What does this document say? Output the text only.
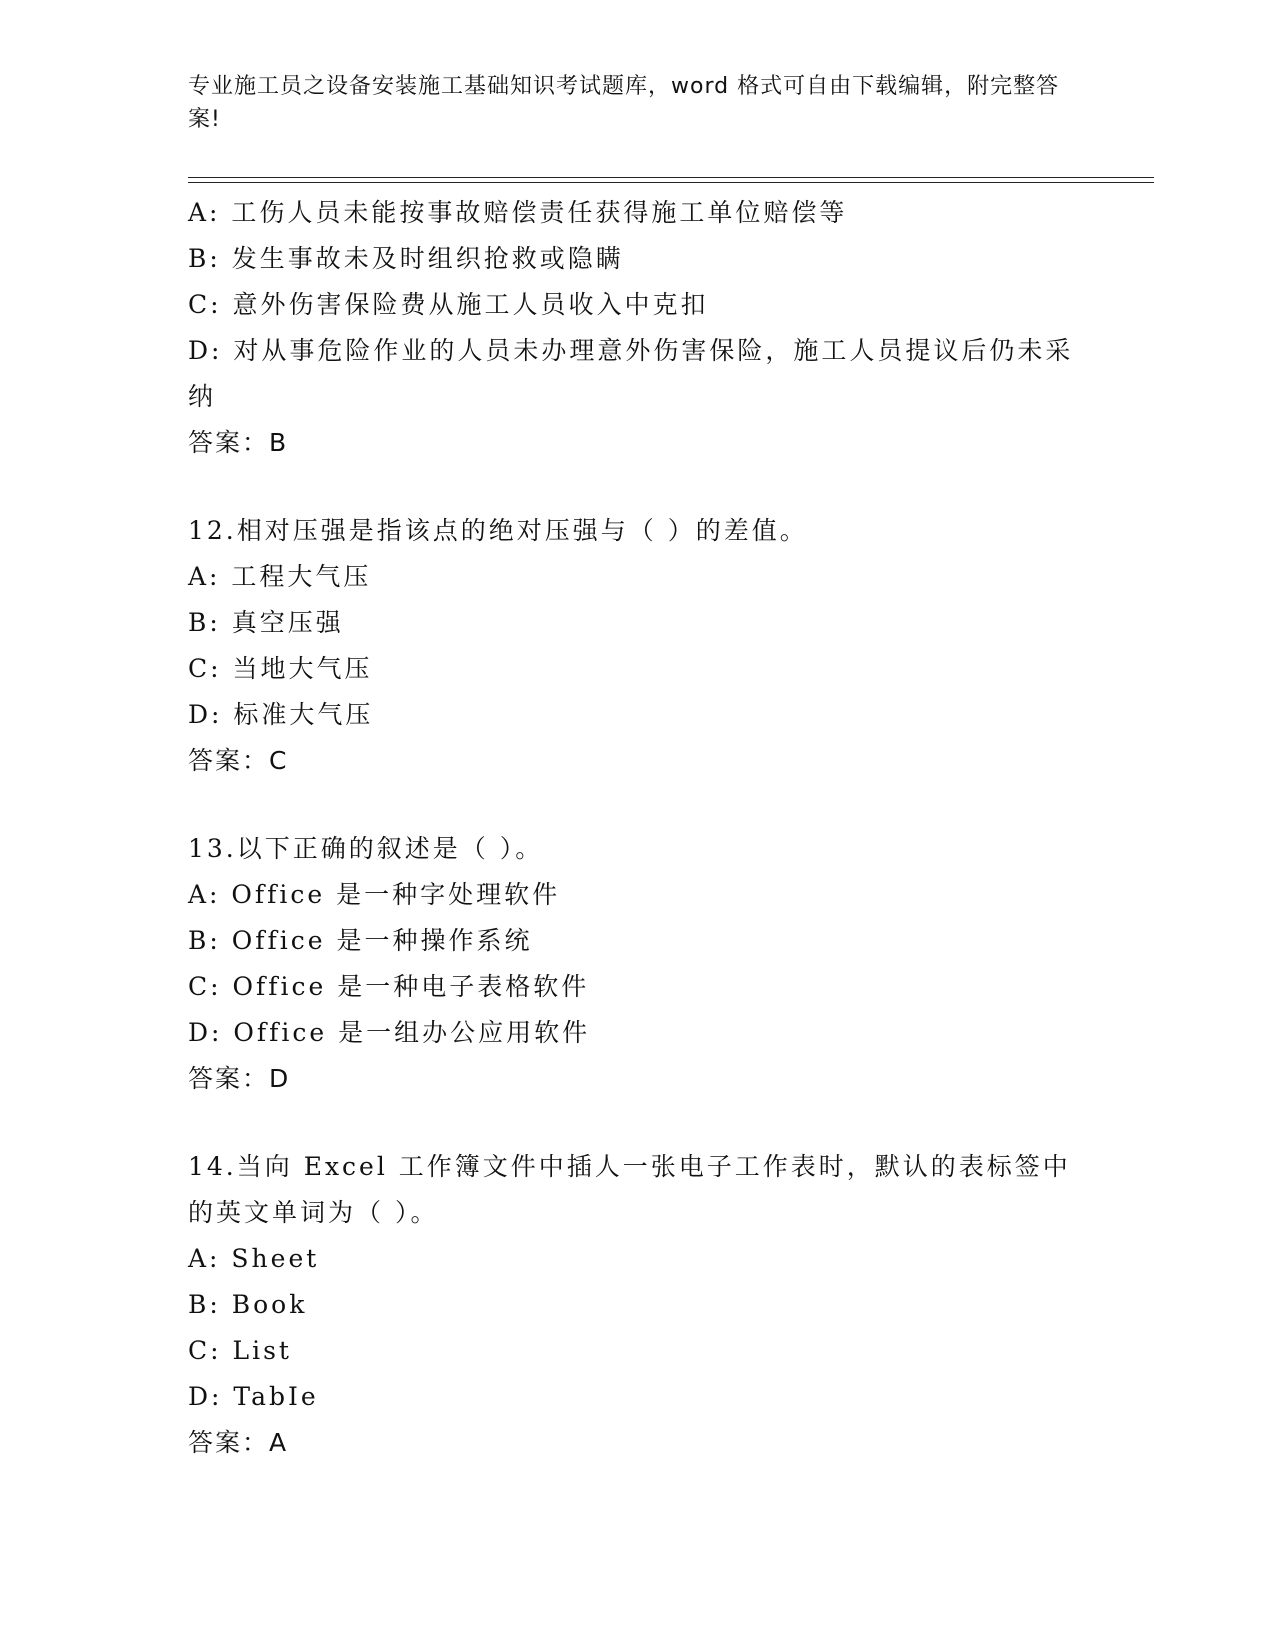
专业施工员之设备安装施工基础知识考试题库，word 格式可自由下载编辑，附完整答案!
A: 工伤人员未能按事故赔偿责任获得施工单位赔偿等
B: 发生事故未及时组织抢救或隐瞒
C: 意外伤害保险费从施工人员收入中克扣
D: 对从事危险作业的人员未办理意外伤害保险，施工人员提议后仍未采纳
答案：B
12.相对压强是指该点的绝对压强与（ ）的差值。
A: 工程大气压
B: 真空压强
C: 当地大气压
D: 标准大气压
答案：C
13.以下正确的叙述是（ ）。
A: Office 是一种字处理软件
B: Office 是一种操作系统
C: Office 是一种电子表格软件
D: Office 是一组办公应用软件
答案：D
14.当向 Excel 工作簿文件中插人一张电子工作表时，默认的表标签中的英文单词为（ ）。
A: Sheet
B: Book
C: List
D: TabIe
答案：A
